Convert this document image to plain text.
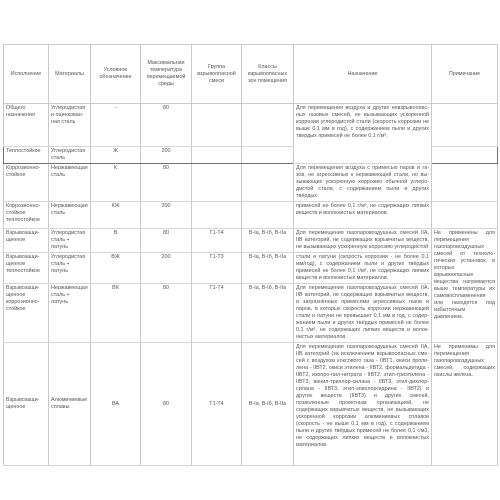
Исполнение	Материалы	Условное обозначение	Максимальная температура перемещаемой среды	Группа взрывоопасной смеси	Классы взрывоопасных зон помещения	Назначение	Примечание
Общего назначения	Углеродистая и оцинкованная сталь	-	80			Для перемещения воздуха и других невзрывоопасных газовых смесей, не вызывающих ускоренной коррозии углеродистой стали (скорость коррозии не выше 0,1 мм в год), с содержанием пыли и других твердых примесей не более 0,1 г/м³.	
Теплостойкое	Углеродистая сталь	Ж	200				
Коррозионно-стойкое	Нержавеющая сталь	К	80			Для перемещения воздуха с примесью паров и газов, не агрессивных к нержавеющей стали, но вызывающих ускоренную коррозию обычной углеродистой стали, с содержанием пыли и других твёрдых	
Коррозионно-стойкое теплостойкое	Нержавеющая сталь	КЖ	200			примесей не более 0,1 г/м³, не содержащих липких веществ и волокнистых материалов.	
Взрывозащищенное	Углеродистая сталь + латунь	В	80	Т1-Т4	В-Iа, В-Iб, В-IIа	Для перемещения газопаровоздушных смесей IIA, IIB категорий, не содержащих взрывчатых веществ, не вызывающих ускоренную коррозию углеродистой	Не применены для перемещения газопаровоздушных смесей от технологических установок, в которых взрывоопасные вещества нагреваются выше температуры их самовоспламенения или находятся под избыточным давлением.
Взрывозащищенное теплостойкое	Углеродистая сталь + латунь	ВЖ	200	Т1-Т3	В-Iа, В-Iб, В-IIа	стали и латуни (скорость коррозии - не более 0,1 мм/год), с содержанием пыли и других твёрдых примесей не более 0,1 г/м³, не содержащих липких веществ и волокнистых материалов.	
Взрывозащищенное коррозионно-стойкое	Нержавеющая сталь + латунь	ВК	80	Т1-Т4	В-Iа, В-Iб, В-IIа	Для перемещения газопаровоздушных смесей IIA, IIB категорий, не содержащих взрывчатых веществ, и загрязнённых примесями агрессивных газов и паров, в которых скорость коррозии нержавеющей стали и латуни не превышает 0,1 мм в год, с содержанием пыли и других твёрдых примесей не более 0,1 г/м³, не содержащих липких веществ и волокнистых материалов.	
Взрывозащищенное	Алюминиевые сплавы	ВА	80	Т1-Т4	В-Iа, В-Iб, В-IIа	Для перемещения газопаровоздушных смесей IIA, IIB категорий (за исключением взрывоопасных смесей с воздухом коксового газа - IIВТ1, окиси пропилена - IIВТ2, окиси этилена - IIВТ2, формальдегида - IIВТ2, изопро-пил-нитрата - IIВТ2, этил-триэтилена - IIВТ3, винил-трихлор-силана - IIВТ3, этил-дихлор-силана - IIВТ3, этил-эпихлоргидрина - IIВТ2) и других веществ (IIВТ3) и других смесей, позволенные проектным организацией, не содержащих взрывчатых веществ, не вызывающих ускоренной коррозии алюминиевых сплавов (скорость - не выше 0,1 мм в год), с содержанием пыли и других твёрдых примесей не более 0,1 г/м3, не содержащих липких веществ и волокнистых материалов.	Не применимы для перемещения газопаровоздушных смесей, содержащих окислы железа.
